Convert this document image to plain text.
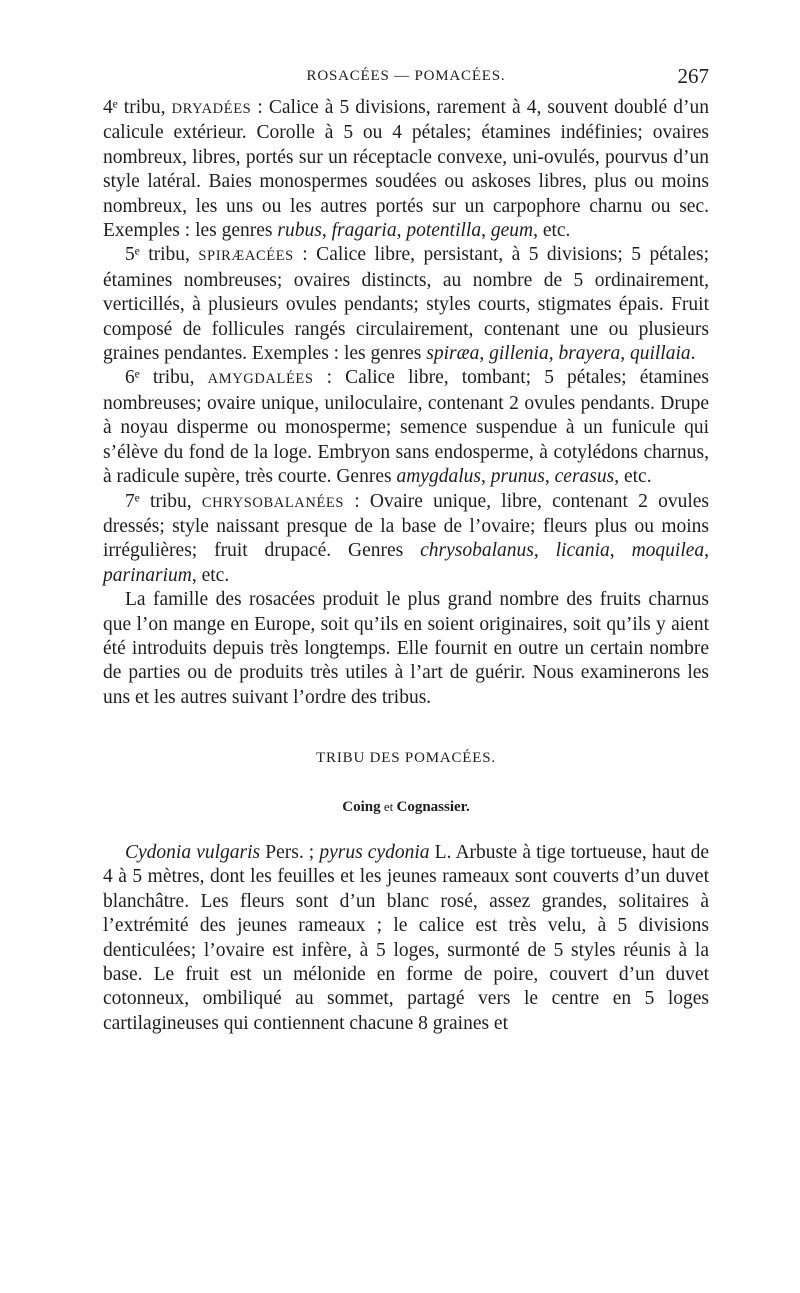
ROSACÉES — POMACÉES.	267

4ᵉ tribu, DRYADÉES : Calice à 5 divisions, rarement à 4, souvent doublé d’un calicule extérieur. Corolle à 5 ou 4 pétales; étamines indéfinies; ovaires nombreux, libres, portés sur un réceptacle convexe, uni-ovulés, pourvus d’un style latéral. Baies monospermes soudées ou askoses libres, plus ou moins nombreux, les uns ou les autres portés sur un carpophore charnu ou sec. Exemples : les genres rubus, fragaria, potentilla, geum, etc.

5ᵉ tribu, SPIRÆACÉES : Calice libre, persistant, à 5 divisions; 5 pétales; étamines nombreuses; ovaires distincts, au nombre de 5 ordinairement, verticillés, à plusieurs ovules pendants; styles courts, stigmates épais. Fruit composé de follicules rangés circulairement, contenant une ou plusieurs graines pendantes. Exemples : les genres spiræa, gillenia, brayera, quillaia.

6ᵉ tribu, AMYGDALÉES : Calice libre, tombant; 5 pétales; étamines nombreuses; ovaire unique, uniloculaire, contenant 2 ovules pendants. Drupe à noyau disperme ou monosperme; semence suspendue à un funicule qui s’élève du fond de la loge. Embryon sans endosperme, à cotylédons charnus, à radicule supère, très courte. Genres amygdalus, prunus, cerasus, etc.

7ᵉ tribu, CHRYSOBALANÉES : Ovaire unique, libre, contenant 2 ovules dressés; style naissant presque de la base de l’ovaire; fleurs plus ou moins irrégulières; fruit drupacé. Genres chrysobalanus, licania, moquilea, parinarium, etc.

La famille des rosacées produit le plus grand nombre des fruits charnus que l’on mange en Europe, soit qu’ils en soient originaires, soit qu’ils y aient été introduits depuis très longtemps. Elle fournit en outre un certain nombre de parties ou de produits très utiles à l’art de guérir. Nous examinerons les uns et les autres suivant l’ordre des tribus.

TRIBU DES POMACÉES.
Coing et Cognassier.

Cydonia vulgaris Pers. ; pyrus cydonia L. Arbuste à tige tortueuse, haut de 4 à 5 mètres, dont les feuilles et les jeunes rameaux sont couverts d’un duvet blanchâtre. Les fleurs sont d’un blanc rosé, assez grandes, solitaires à l’extrémité des jeunes rameaux ; le calice est très velu, à 5 divisions denticulées; l’ovaire est infère, à 5 loges, surmonté de 5 styles réunis à la base. Le fruit est un mélonide en forme de poire, couvert d’un duvet cotonneux, ombiliqué au sommet, partagé vers le centre en 5 loges cartilagineuses qui contiennent chacune 8 graines et
